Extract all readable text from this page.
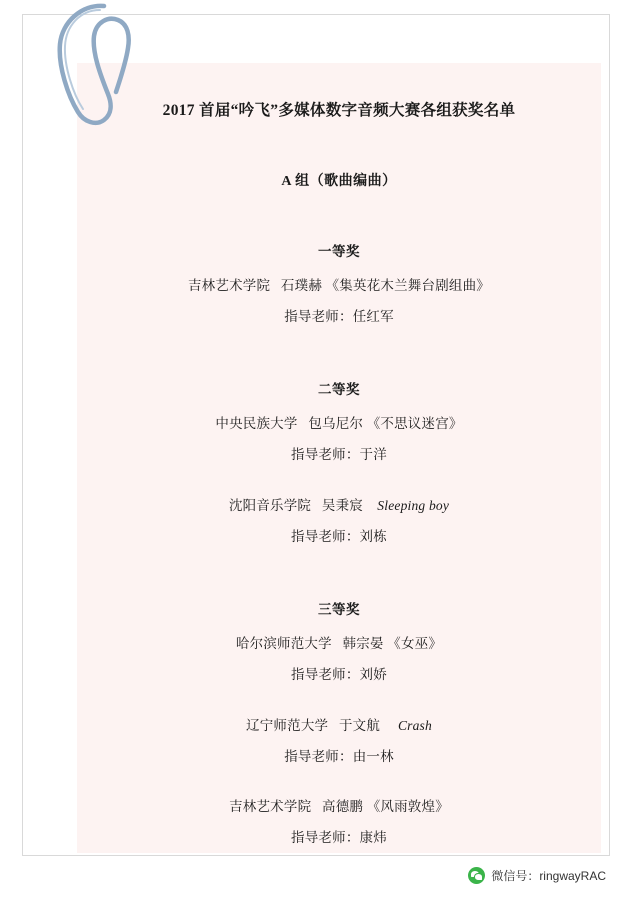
2017 首届“吟飞”多媒体数字音频大赛各组获奖名单
A 组（歌曲编曲）
一等奖
吉林艺术学院 石璞赫 《集英花木兰舞台剧组曲》
指导老师：任红军
二等奖
中央民族大学 包乌尼尔 《不思议迷宫》
指导老师：于洋
沈阳音乐学院 吴秉宸 Sleeping boy
指导老师：刘栋
三等奖
哈尔滨师范大学 韩宗晏 《女巫》
指导老师：刘娇
辽宁师范大学 于文航 Crash
指导老师：由一林
吉林艺术学院 高德鹏 《风雨敦煌》
指导老师：康炜
微信号：ringwayRAC
